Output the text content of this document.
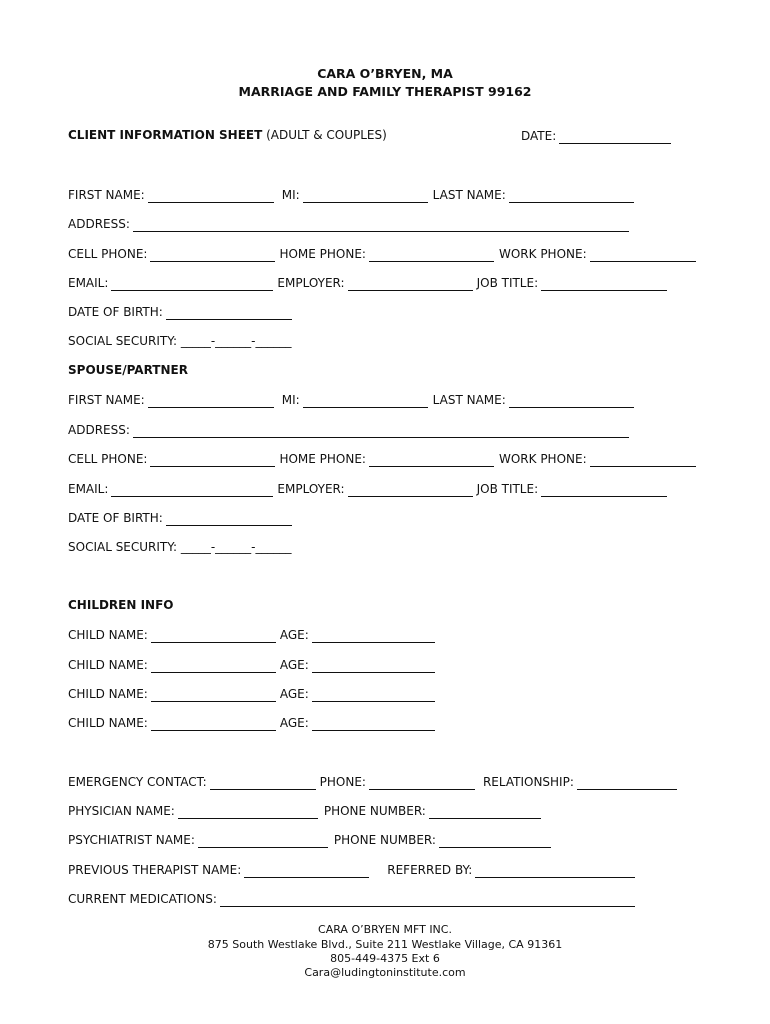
CARA O’BRYEN, MA
MARRIAGE AND FAMILY THERAPIST 99162
CLIENT INFORMATION SHEET (ADULT & COUPLES)	DATE:
FIRST NAME:	MI:	LAST NAME:
ADDRESS:
CELL PHONE:	HOME PHONE:	WORK PHONE:
EMAIL:	EMPLOYER:	JOB TITLE:
DATE OF BIRTH:
SOCIAL SECURITY: _____-______-______
SPOUSE/PARTNER
FIRST NAME:	MI:	LAST NAME:
ADDRESS:
CELL PHONE:	HOME PHONE:	WORK PHONE:
EMAIL:	EMPLOYER:	JOB TITLE:
DATE OF BIRTH:
SOCIAL SECURITY: _____-______-______
CHILDREN INFO
CHILD NAME:	AGE:
CHILD NAME:	AGE:
CHILD NAME:	AGE:
CHILD NAME:	AGE:
EMERGENCY CONTACT:	PHONE:	RELATIONSHIP:
PHYSICIAN NAME:	PHONE NUMBER:
PSYCHIATRIST NAME:	PHONE NUMBER:
PREVIOUS THERAPIST NAME:	REFERRED BY:
CURRENT MEDICATIONS:
CARA O’BRYEN MFT INC.
875 South Westlake Blvd., Suite 211 Westlake Village, CA 91361
805-449-4375 Ext 6
Cara@ludingtoninstitute.com
